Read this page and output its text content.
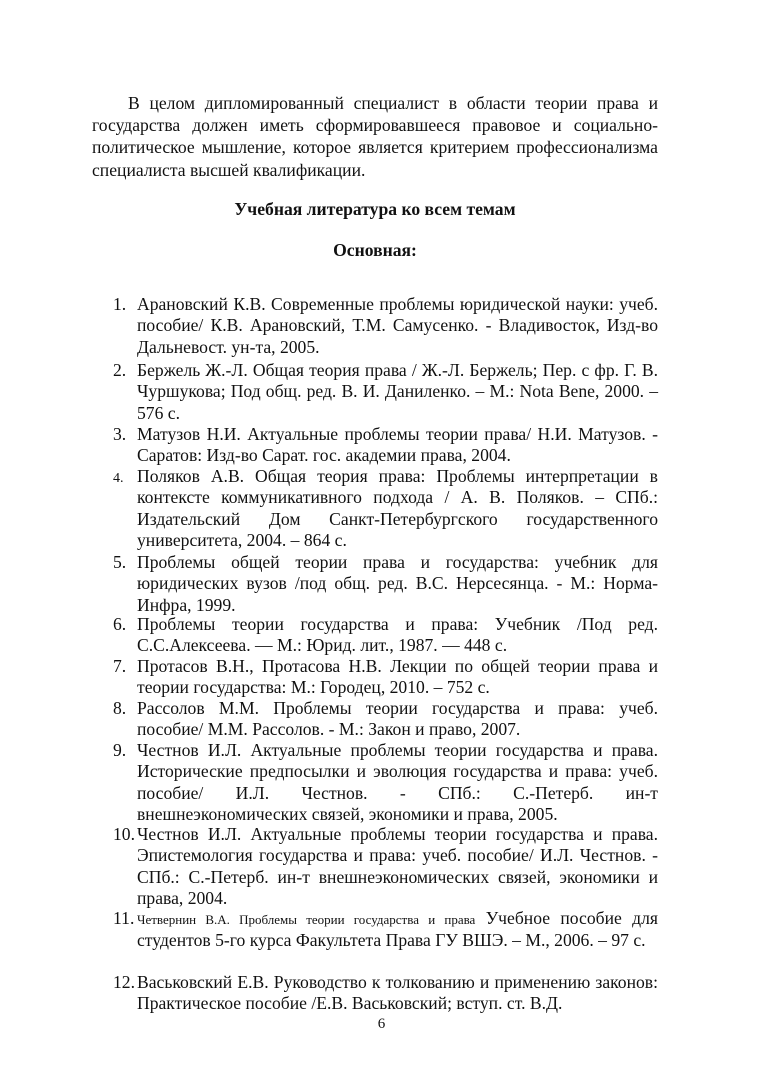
В целом дипломированный специалист в области теории права и государства должен иметь сформировавшееся правовое и социально-политическое мышление, которое является критерием профессионализма специалиста высшей квалификации.

Учебная литература ко всем темам

Основная:

1. Арановский К.В. Современные проблемы юридической науки: учеб. пособие/ К.В. Арановский, Т.М. Самусенко. - Владивосток, Изд-во Дальневост. ун-та, 2005.
2. Бержель Ж.-Л. Общая теория права / Ж.-Л. Бержель; Пер. с фр. Г. В. Чуршукова; Под общ. ред. В. И. Даниленко. – М.: Nota Bene, 2000. – 576 с.
3. Матузов Н.И. Актуальные проблемы теории права/ Н.И. Матузов. - Саратов: Изд-во Сарат. гос. академии права, 2004.
4. Поляков А.В. Общая теория права: Проблемы интерпретации в контексте коммуникативного подхода / А. В. Поляков. – СПб.: Издательский Дом Санкт-Петербургского государственного университета, 2004. – 864 с.
5. Проблемы общей теории права и государства: учебник для юридических вузов /под общ. ред. В.С. Нерсесянца. - М.: Норма-Инфра, 1999.
6. Проблемы теории государства и права: Учебник /Под ред. С.С.Алексеева. — М.: Юрид. лит., 1987. — 448 с.
7. Протасов В.Н., Протасова Н.В. Лекции по общей теории права и теории государства: М.: Городец, 2010. – 752 с.
8. Рассолов М.М. Проблемы теории государства и права: учеб. пособие/ М.М. Рассолов. - М.: Закон и право, 2007.
9. Честнов И.Л. Актуальные проблемы теории государства и права. Исторические предпосылки и эволюция государства и права: учеб. пособие/ И.Л. Честнов. - СПб.: С.-Петерб. ин-т внешнеэкономических связей, экономики и права, 2005.
10. Честнов И.Л. Актуальные проблемы теории государства и права. Эпистемология государства и права: учеб. пособие/ И.Л. Честнов. - СПб.: С.-Петерб. ин-т внешнеэкономических связей, экономики и права, 2004.
11. Четвернин В.А. Проблемы теории государства и права Учебное пособие для студентов 5-го курса Факультета Права ГУ ВШЭ. – М., 2006. – 97 с.
12. Васьковский Е.В. Руководство к толкованию и применению законов: Практическое пособие /Е.В. Васьковский; вступ. ст. В.Д.

6
